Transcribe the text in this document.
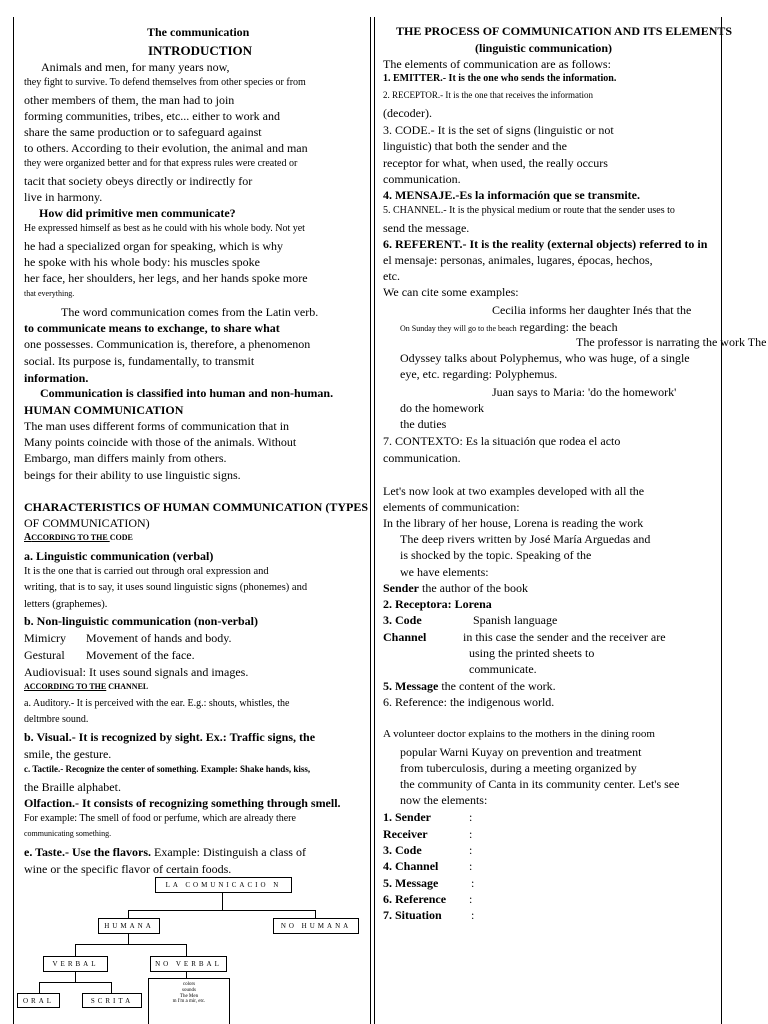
The communication
INTRODUCTION
Animals and men, for many years now,
they fight to survive. To defend themselves from other species or from
other members of them, the man had to join
forming communities, tribes, etc... either to work and
share the same production or to safeguard against
to others. According to their evolution, the animal and man
they were organized better and for that express rules were created or
tacit that society obeys directly or indirectly for
live in harmony.
How did primitive men communicate?
He expressed himself as best as he could with his whole body. Not yet
he had a specialized organ for speaking, which is why
he spoke with his whole body: his muscles spoke
her face, her shoulders, her legs, and her hands spoke more
that everything.
The word communication comes from the Latin verb.
to communicate means to exchange, to share what
one possesses. Communication is, therefore, a phenomenon
social. Its purpose is, fundamentally, to transmit
information.
Communication is classified into human and non-human.
HUMAN COMMUNICATION
The man uses different forms of communication that in
Many points coincide with those of the animals. Without
Embargo, man differs mainly from others.
beings for their ability to use linguistic signs.
CHARACTERISTICS OF HUMAN COMMUNICATION (TYPES
OF COMMUNICATION)
ACCORDING TO THE CODE
a. Linguistic communication (verbal)
It is the one that is carried out through oral expression and
writing, that is to say, it uses sound linguistic signs (phonemes) and
letters (graphemes).
b. Non-linguistic communication (non-verbal)
Mimicry Movement of hands and body.
Gestural Movement of the face.
Audiovisual: It uses sound signals and images.
ACCORDING TO THE CHANNEL
a. Auditory.- It is perceived with the ear. E.g.: shouts, whistles, the
deltmbre sound.
b. Visual.- It is recognized by sight. Ex.: Traffic signs, the
smile, the gesture.
c. Tactile.- Recognize the center of something. Example: Shake hands, kiss,
the Braille alphabet.
Olfaction.- It consists of recognizing something through smell.
For example: The smell of food or perfume, which are already there
communicating something.
e. Taste.- Use the flavors. Example: Distinguish a class of
wine or the specific flavor of certain foods.
LA COMUNICACIO N
HUMANA	NO HUMANA
VERBAL	NO VERBAL
ORAL	SCRITA
colors
sounds
The Men
m I'm a mir, etc.
THE PROCESS OF COMMUNICATION AND ITS ELEMENTS
(linguistic communication)
The elements of communication are as follows:
1. EMITTER.- It is the one who sends the information.
2. RECEPTOR.- It is the one that receives the information
(decoder).
3. CODE.- It is the set of signs (linguistic or not
linguistic) that both the sender and the
receptor for what, when used, the really occurs
communication.
4. MENSAJE.-Es la información que se transmite.
5. CHANNEL.- It is the physical medium or route that the sender uses to
send the message.
6. REFERENT.- It is the reality (external objects) referred to in
el mensaje: personas, animales, lugares, épocas, hechos,
etc.
We can cite some examples:
Cecilia informs her daughter Inés that the
On Sunday they will go to the beach regarding: the beach
The professor is narrating the work The
Odyssey talks about Polyphemus, who was huge, of a single
eye, etc. regarding: Polyphemus.
Juan says to Maria: 'do the homework'
do the homework
the duties
7. CONTEXTO: Es la situación que rodea el acto
communication.
Let's now look at two examples developed with all the
elements of communication:
In the library of her house, Lorena is reading the work
The deep rivers written by José María Arguedas and
is shocked by the topic. Speaking of the
we have elements:
Sender the author of the book
2. Receptora: Lorena
3. Code	Spanish language
Channel	in this case the sender and the receiver are
using the printed sheets to
communicate.
5. Message the content of the work.
6. Reference: the indigenous world.
A volunteer doctor explains to the mothers in the dining room
popular Warni Kuyay on prevention and treatment
from tuberculosis, during a meeting organized by
the community of Canta in its community center. Let's see
now the elements:
1. Sender	:
Receiver	:
3. Code	:
4. Channel	:
5. Message	:
6. Reference :
7. Situation :
